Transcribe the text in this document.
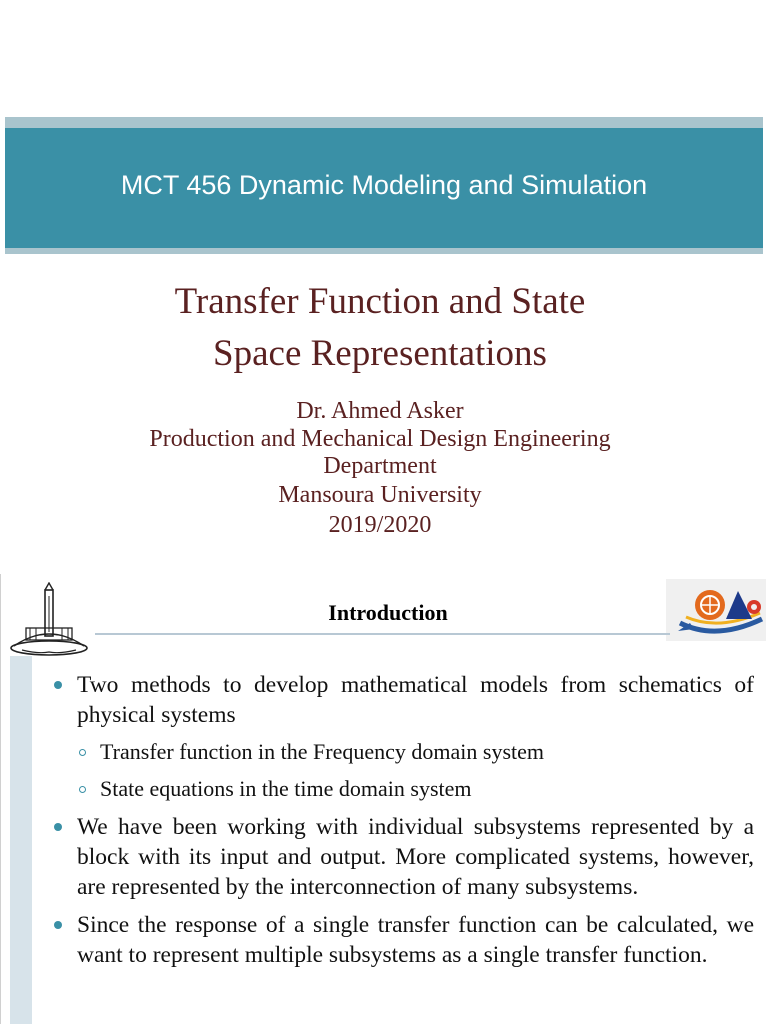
MCT 456 Dynamic Modeling and Simulation
Transfer Function and State
Space Representations
Dr. Ahmed Asker
Production and Mechanical Design Engineering
Department
Mansoura University
2019/2020
Introduction
Two methods to develop mathematical models from schematics of physical systems
Transfer function in the Frequency domain system
State equations in the time domain system
We have been working with individual subsystems represented by a block with its input and output. More complicated systems, however, are represented by the interconnection of many subsystems.
Since the response of a single transfer function can be calculated, we want to represent multiple subsystems as a single transfer function.
